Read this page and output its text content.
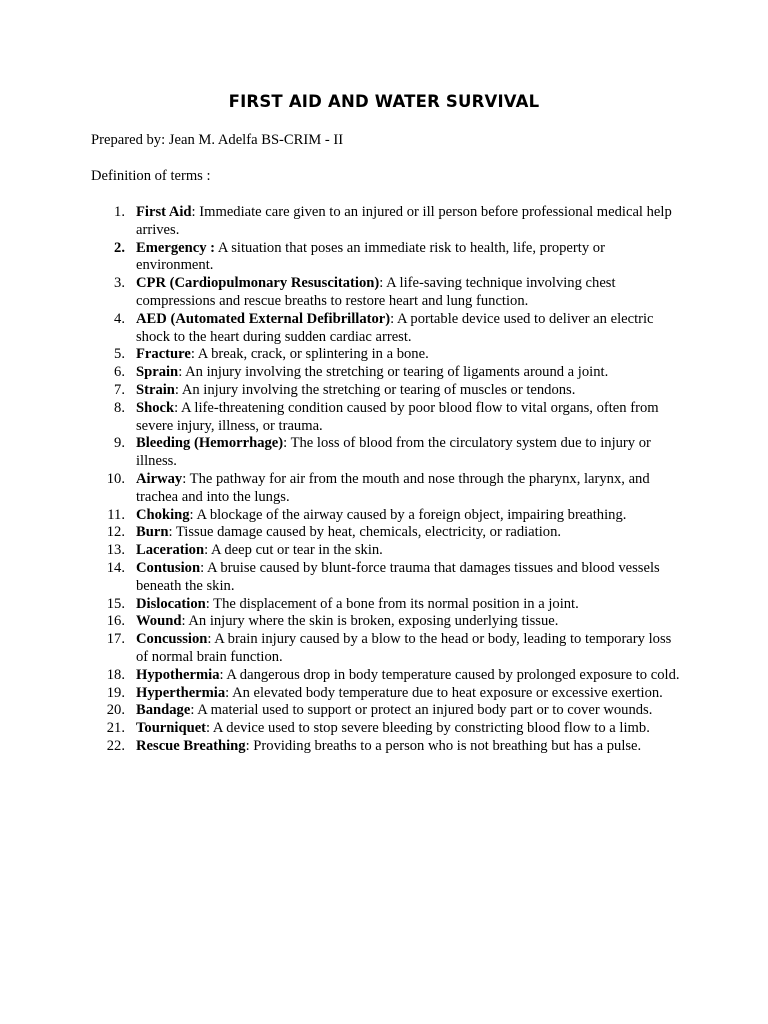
FIRST AID AND WATER SURVIVAL
Prepared by: Jean M. Adelfa BS-CRIM - II
Definition of terms :
1. First Aid: Immediate care given to an injured or ill person before professional medical help arrives.
2. Emergency : A situation that poses an immediate risk to health, life, property or environment.
3. CPR (Cardiopulmonary Resuscitation): A life-saving technique involving chest compressions and rescue breaths to restore heart and lung function.
4. AED (Automated External Defibrillator): A portable device used to deliver an electric shock to the heart during sudden cardiac arrest.
5. Fracture: A break, crack, or splintering in a bone.
6. Sprain: An injury involving the stretching or tearing of ligaments around a joint.
7. Strain: An injury involving the stretching or tearing of muscles or tendons.
8. Shock: A life-threatening condition caused by poor blood flow to vital organs, often from severe injury, illness, or trauma.
9. Bleeding (Hemorrhage): The loss of blood from the circulatory system due to injury or illness.
10. Airway: The pathway for air from the mouth and nose through the pharynx, larynx, and trachea and into the lungs.
11. Choking: A blockage of the airway caused by a foreign object, impairing breathing.
12. Burn: Tissue damage caused by heat, chemicals, electricity, or radiation.
13. Laceration: A deep cut or tear in the skin.
14. Contusion: A bruise caused by blunt-force trauma that damages tissues and blood vessels beneath the skin.
15. Dislocation: The displacement of a bone from its normal position in a joint.
16. Wound: An injury where the skin is broken, exposing underlying tissue.
17. Concussion: A brain injury caused by a blow to the head or body, leading to temporary loss of normal brain function.
18. Hypothermia: A dangerous drop in body temperature caused by prolonged exposure to cold.
19. Hyperthermia: An elevated body temperature due to heat exposure or excessive exertion.
20. Bandage: A material used to support or protect an injured body part or to cover wounds.
21. Tourniquet: A device used to stop severe bleeding by constricting blood flow to a limb.
22. Rescue Breathing: Providing breaths to a person who is not breathing but has a pulse.
